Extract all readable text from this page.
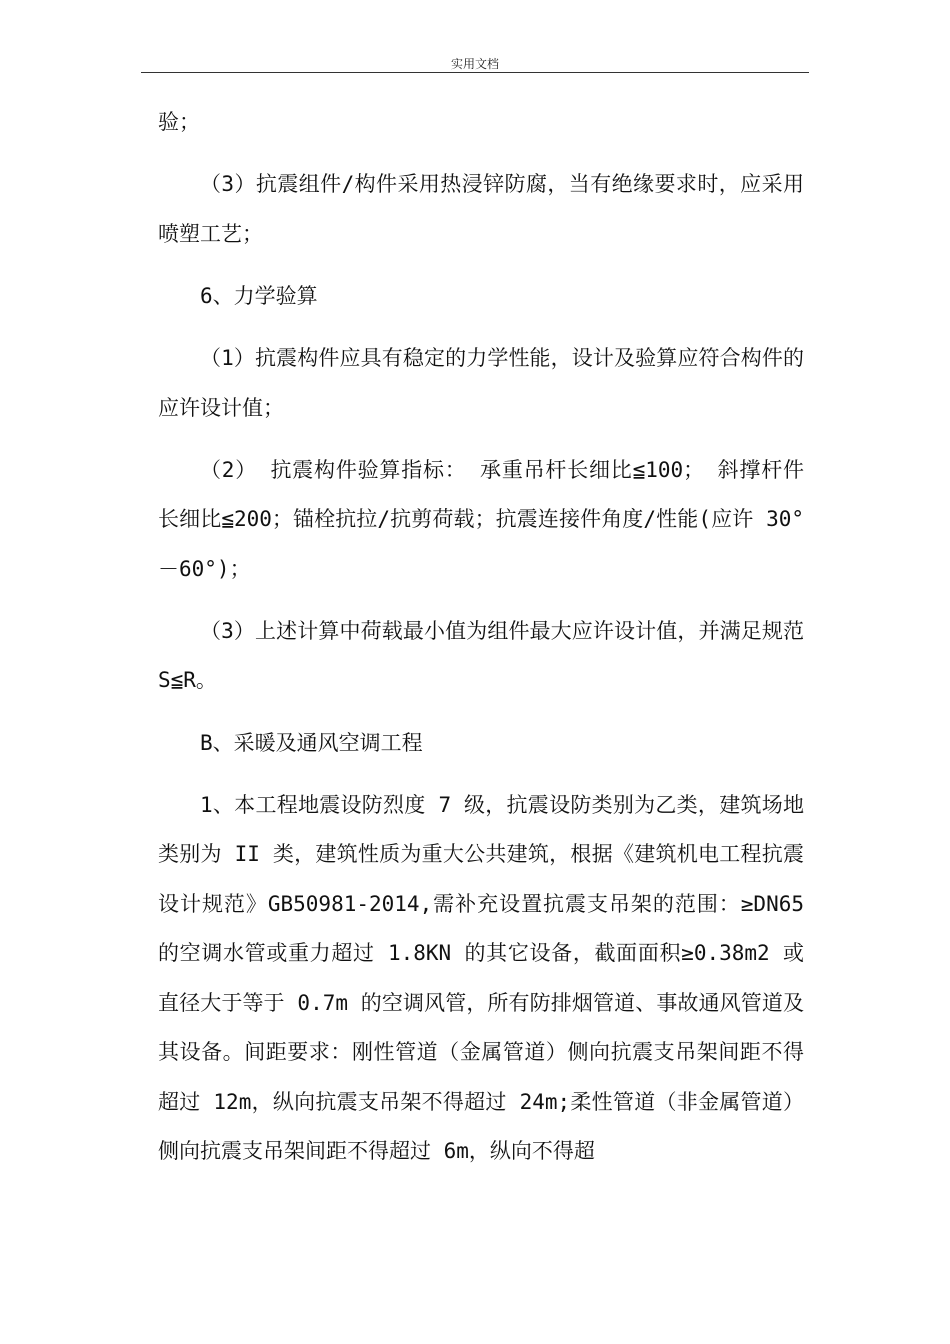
实用文档

验；

（3）抗震组件/构件采用热浸锌防腐，当有绝缘要求时，应采用喷塑工艺；

6、力学验算

（1）抗震构件应具有稳定的力学性能，设计及验算应符合构件的应许设计值；

（2） 抗震构件验算指标： 承重吊杆长细比≦100； 斜撑杆件长细比≦200；锚栓抗拉/抗剪荷载；抗震连接件角度/性能(应许 30°－60°)；

（3）上述计算中荷载最小值为组件最大应许设计值，并满足规范 S≦R。

B、采暖及通风空调工程

1、本工程地震设防烈度 7 级，抗震设防类别为乙类，建筑场地类别为 II 类，建筑性质为重大公共建筑，根据《建筑机电工程抗震设计规范》GB50981-2014,需补充设置抗震支吊架的范围：≥DN65 的空调水管或重力超过 1.8KN 的其它设备，截面面积≥0.38m2 或直径大于等于 0.7m 的空调风管，所有防排烟管道、事故通风管道及其设备。间距要求：刚性管道（金属管道）侧向抗震支吊架间距不得超过 12m，纵向抗震支吊架不得超过 24m;柔性管道（非金属管道）侧向抗震支吊架间距不得超过 6m，纵向不得超
